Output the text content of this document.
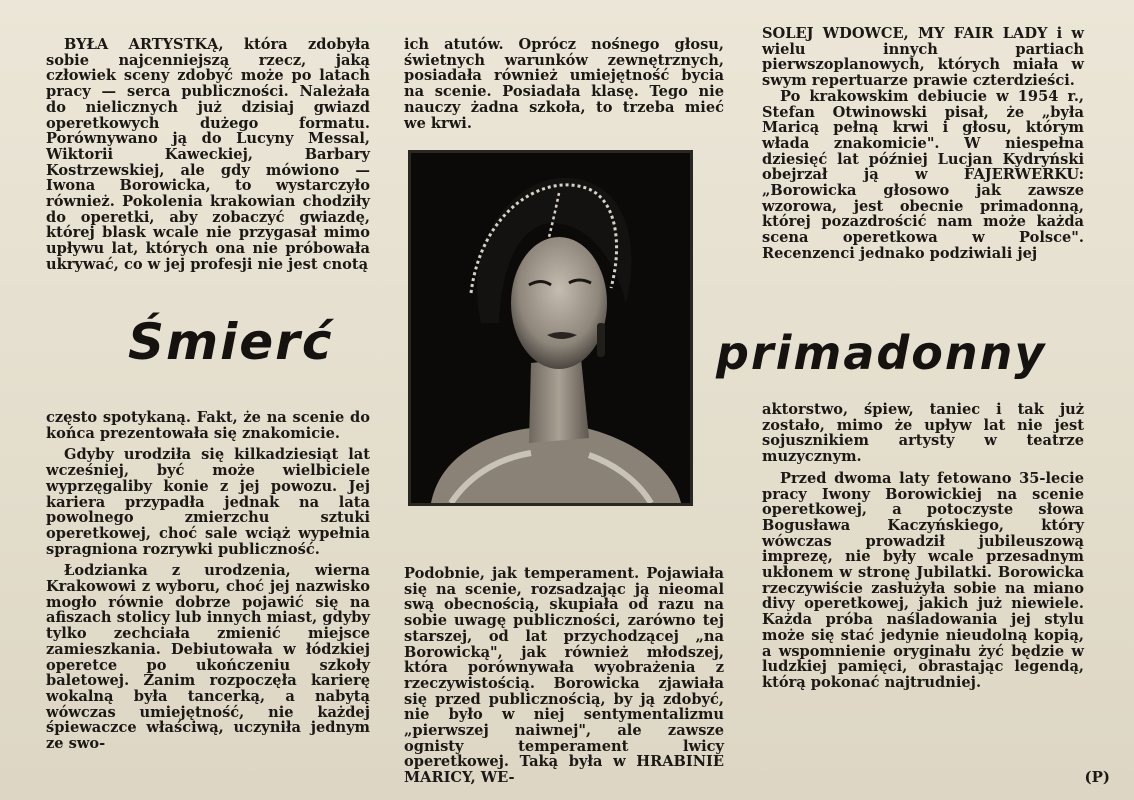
BYŁA ARTYSTKĄ, która zdobyła sobie najcenniejszą rzecz, jaką człowiek sceny zdobyć może po latach pracy — serca publiczności. Należała do nielicznych już dzisiaj gwiazd operetkowych dużego formatu. Porównywano ją do Lucyny Messal, Wiktorii Kaweckiej, Barbary Kostrzewskiej, ale gdy mówiono — Iwona Borowicka, to wystarczyło również. Pokolenia krakowian chodziły do operetki, aby zobaczyć gwiazdę, której blask wcale nie przygasał mimo upływu lat, których ona nie próbowała ukrywać, co w jej profesji nie jest cnotą

ich atutów. Oprócz nośnego głosu, świetnych warunków zewnętrznych, posiadała również umiejętność bycia na scenie. Posiadała klasę. Tego nie nauczy żadna szkoła, to trzeba mieć we krwi.

SOLEJ WDOWCE, MY FAIR LADY i w wielu innych partiach pierwszoplanowych, których miała w swym repertuarze prawie czterdzieści.

Po krakowskim debiucie w 1954 r., Stefan Otwinowski pisał, że „była Maricą pełną krwi i głosu, którym włada znakomicie". W niespełna dziesięć lat później Lucjan Kydryński obejrzał ją w FAJERWERKU: „Borowicka głosowo jak zawsze wzorowa, jest obecnie primadonną, której pozazdrościć nam może każda scena operetkowa w Polsce". Recenzenci jednako podziwiali jej

Śmierć	primadonny

często spotykaną. Fakt, że na scenie do końca prezentowała się znakomicie.

Gdyby urodziła się kilkadziesiąt lat wcześniej, być może wielbiciele wyprzęgaliby konie z jej powozu. Jej kariera przypadła jednak na lata powolnego zmierzchu sztuki operetkowej, choć sale wciąż wypełnia spragniona rozrywki publiczność.

Łodzianka z urodzenia, wierna Krakowowi z wyboru, choć jej nazwisko mogło równie dobrze pojawić się na afiszach stolicy lub innych miast, gdyby tylko zechciała zmienić miejsce zamieszkania. Debiutowała w łódzkiej operetce po ukończeniu szkoły baletowej. Zanim rozpoczęła karierę wokalną była tancerką, a nabytą wówczas umiejętność, nie każdej śpiewaczce właściwą, uczyniła jednym ze swo-

Podobnie, jak temperament. Pojawiała się na scenie, rozsadzając ją nieomal swą obecnością, skupiała od razu na sobie uwagę publiczności, zarówno tej starszej, od lat przychodzącej „na Borowicką", jak również młodszej, która porównywała wyobrażenia z rzeczywistością. Borowicka zjawiała się przed publicznością, by ją zdobyć, nie było w niej sentymentalizmu „pierwszej naiwnej", ale zawsze ognisty temperament lwicy operetkowej. Taką była w HRABINIE MARICY, WE-

aktorstwo, śpiew, taniec i tak już zostało, mimo że upływ lat nie jest sojusznikiem artysty w teatrze muzycznym.

Przed dwoma laty fetowano 35-lecie pracy Iwony Borowickiej na scenie operetkowej, a potoczyste słowa Bogusława Kaczyńskiego, który wówczas prowadził jubileuszową imprezę, nie były wcale przesadnym ukłonem w stronę Jubilatki. Borowicka rzeczywiście zasłużyła sobie na miano divy operetkowej, jakich już niewiele. Każda próba naśladowania jej stylu może się stać jedynie nieudolną kopią, a wspomnienie oryginału żyć będzie w ludzkiej pamięci, obrastając legendą, którą pokonać najtrudniej.

(P)
